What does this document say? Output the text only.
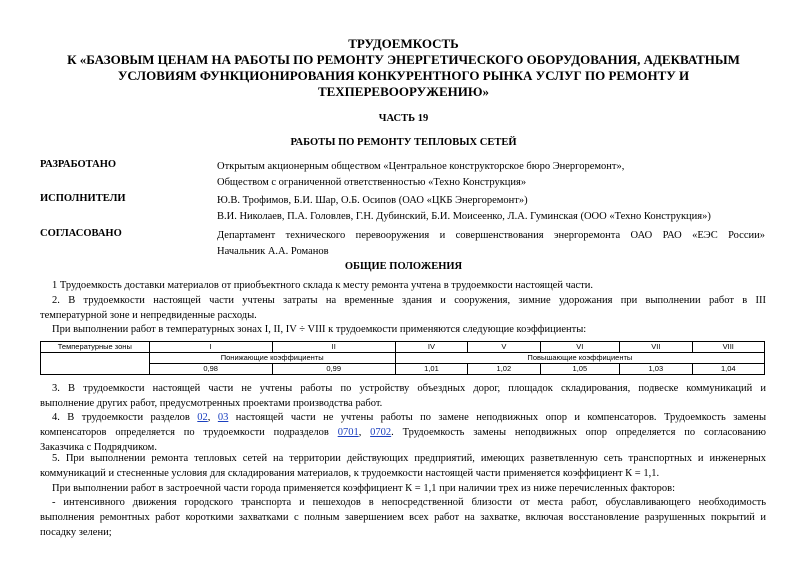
ТРУДОЕМКОСТЬ
К «БАЗОВЫМ ЦЕНАМ НА РАБОТЫ ПО РЕМОНТУ ЭНЕРГЕТИЧЕСКОГО ОБОРУДОВАНИЯ, АДЕКВАТНЫМ
УСЛОВИЯМ ФУНКЦИОНИРОВАНИЯ КОНКУРЕНТНОГО РЫНКА УСЛУГ ПО РЕМОНТУ И
ТЕХПЕРЕВООРУЖЕНИЮ»
ЧАСТЬ 19
РАБОТЫ ПО РЕМОНТУ ТЕПЛОВЫХ СЕТЕЙ
РАЗРАБОТАНО	Открытым акционерным обществом «Центральное конструкторское бюро Энергоремонт»,
Обществом с ограниченной ответственностью «Техно Конструкция»
ИСПОЛНИТЕЛИ	Ю.В. Трофимов, Б.И. Шар, О.Б. Осипов (ОАО «ЦКБ Энергоремонт»)
В.И. Николаев, П.А. Головлев, Г.Н. Дубинский, Б.И. Моисеенко, Л.А. Гуминская (ООО «Техно Конструкция»)
СОГЛАСОВАНО	Департамент технического перевооружения и совершенствования энергоремонта ОАО РАО «ЕЭС России»
Начальник А.А. Романов
ОБЩИЕ ПОЛОЖЕНИЯ

1 Трудоемкость доставки материалов от приобъектного склада к месту ремонта учтена в трудоемкости настоящей части.

2. В трудоемкости настоящей части учтены затраты на временные здания и сооружения, зимние удорожания при выполнении работ в III
температурной зоне и непредвиденные расходы.

При выполнении работ в температурных зонах I, II, IV ÷ VIII к трудоемкости применяются следующие коэффициенты:

Температурные зоны	I	II	IV	V	VI	VII	VIII
	Понижающие коэффициенты		Повышающие коэффициенты				
	0,98	0,99	1,01	1,02	1,05	1,03	1,04

3. В трудоемкости настоящей части не учтены работы по устройству объездных дорог, площадок складирования, подвеске коммуникаций и
выполнение других работ, предусмотренных проектами производства работ.

4. В трудоемкости разделов 02, 03 настоящей части не учтены работы по замене неподвижных опор и компенсаторов. Трудоемкость замены
компенсаторов определяется по трудоемкости подразделов 0701, 0702. Трудоемкость замены неподвижных опор определяется по согласованию
Заказчика с Подрядчиком.

5. При выполнении ремонта тепловых сетей на территории действующих предприятий, имеющих разветвленную сеть транспортных и инженерных
коммуникаций и стесненные условия для складирования материалов, к трудоемкости настоящей части применяется коэффициент К = 1,1.

При выполнении работ в застроечной части города применяется коэффициент К = 1,1 при наличии трех из ниже перечисленных факторов:

- интенсивного движения городского транспорта и пешеходов в непосредственной близости от места работ, обуславливающего необходимость
выполнения ремонтных работ короткими захватками с полным завершением всех работ на захватке, включая восстановление разрушенных покрытий и
посадку зелени;
